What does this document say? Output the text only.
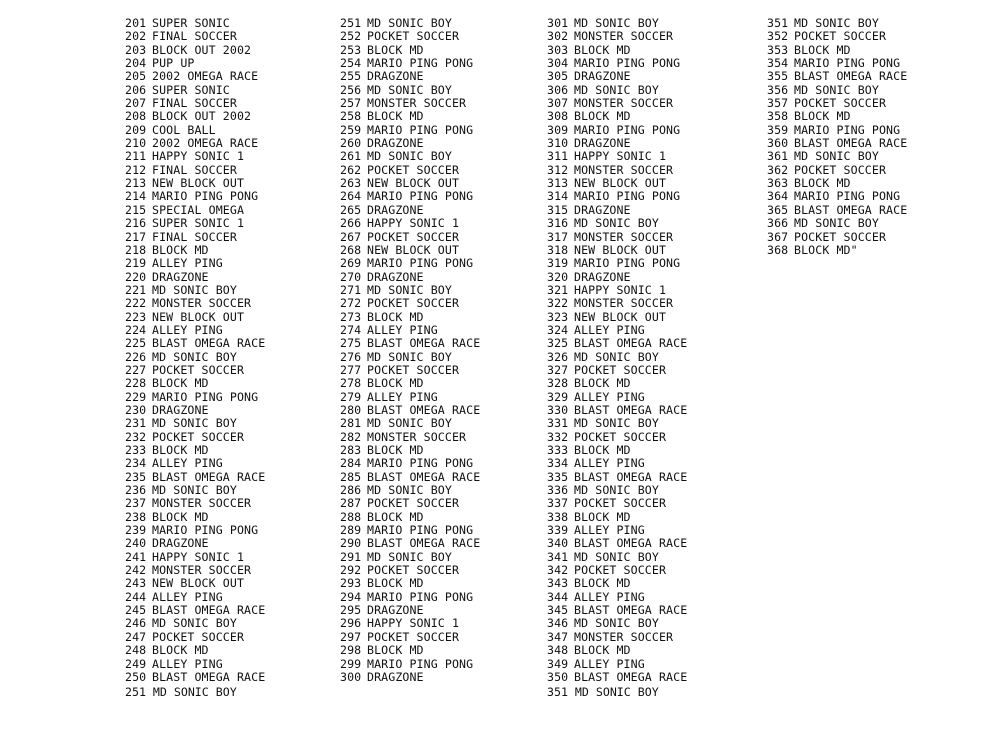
201 SUPER SONIC
202 FINAL SOCCER
203 BLOCK OUT 2002
204 PUP UP
205 2002 OMEGA RACE
206 SUPER SONIC
207 FINAL SOCCER
208 BLOCK OUT 2002
209 COOL BALL
210 2002 OMEGA RACE
211 HAPPY SONIC 1
212 FINAL SOCCER
213 NEW BLOCK OUT
214 MARIO PING PONG
215 SPECIAL OMEGA
216 SUPER SONIC 1
217 FINAL SOCCER
218 BLOCK MD
219 ALLEY PING
220 DRAGZONE
221 MD SONIC BOY
222 MONSTER SOCCER
223 NEW BLOCK OUT
224 ALLEY PING
225 BLAST OMEGA RACE
226 MD SONIC BOY
227 POCKET SOCCER
228 BLOCK MD
229 MARIO PING PONG
230 DRAGZONE
231 MD SONIC BOY
232 POCKET SOCCER
233 BLOCK MD
234 ALLEY PING
235 BLAST OMEGA RACE
236 MD SONIC BOY
237 MONSTER SOCCER
238 BLOCK MD
239 MARIO PING PONG
240 DRAGZONE
241 HAPPY SONIC 1
242 MONSTER SOCCER
243 NEW BLOCK OUT
244 ALLEY PING
245 BLAST OMEGA RACE
246 MD SONIC BOY
247 POCKET SOCCER
248 BLOCK MD
249 ALLEY PING
250 BLAST OMEGA RACE
251 MD SONIC BOY
252 POCKET SOCCER
253 BLOCK MD
254 MARIO PING PONG
255 DRAGZONE
256 MD SONIC BOY
257 MONSTER SOCCER
258 BLOCK MD
259 MARIO PING PONG
260 DRAGZONE
261 MD SONIC BOY
262 POCKET SOCCER
263 NEW BLOCK OUT
264 MARIO PING PONG
265 DRAGZONE
266 HAPPY SONIC 1
267 POCKET SOCCER
268 NEW BLOCK OUT
269 MARIO PING PONG
270 DRAGZONE
271 MD SONIC BOY
272 POCKET SOCCER
273 BLOCK MD
274 ALLEY PING
275 BLAST OMEGA RACE
276 MD SONIC BOY
277 POCKET SOCCER
278 BLOCK MD
279 ALLEY PING
280 BLAST OMEGA RACE
281 MD SONIC BOY
282 MONSTER SOCCER
283 BLOCK MD
284 MARIO PING PONG
285 BLAST OMEGA RACE
286 MD SONIC BOY
287 POCKET SOCCER
288 BLOCK MD
289 MARIO PING PONG
290 BLAST OMEGA RACE
291 MD SONIC BOY
292 POCKET SOCCER
293 BLOCK MD
294 MARIO PING PONG
295 DRAGZONE
296 HAPPY SONIC 1
297 POCKET SOCCER
298 BLOCK MD
299 MARIO PING PONG
300 DRAGZONE
301 MD SONIC BOY
302 MONSTER SOCCER
303 BLOCK MD
304 MARIO PING PONG
305 DRAGZONE
306 MD SONIC BOY
307 MONSTER SOCCER
308 BLOCK MD
309 MARIO PING PONG
310 DRAGZONE
311 HAPPY SONIC 1
312 MONSTER SOCCER
313 NEW BLOCK OUT
314 MARIO PING PONG
315 DRAGZONE
316 MD SONIC BOY
317 MONSTER SOCCER
318 NEW BLOCK OUT
319 MARIO PING PONG
320 DRAGZONE
321 HAPPY SONIC 1
322 MONSTER SOCCER
323 NEW BLOCK OUT
324 ALLEY PING
325 BLAST OMEGA RACE
326 MD SONIC BOY
327 POCKET SOCCER
328 BLOCK MD
329 ALLEY PING
330 BLAST OMEGA RACE
331 MD SONIC BOY
332 POCKET SOCCER
333 BLOCK MD
334 ALLEY PING
335 BLAST OMEGA RACE
336 MD SONIC BOY
337 POCKET SOCCER
338 BLOCK MD
339 ALLEY PING
340 BLAST OMEGA RACE
341 MD SONIC BOY
342 POCKET SOCCER
343 BLOCK MD
344 ALLEY PING
345 BLAST OMEGA RACE
346 MD SONIC BOY
347 MONSTER SOCCER
348 BLOCK MD
349 ALLEY PING
350 BLAST OMEGA RACE
351 MD SONIC BOY
352 POCKET SOCCER
353 BLOCK MD
354 MARIO PING PONG
355 BLAST OMEGA RACE
356 MD SONIC BOY
357 POCKET SOCCER
358 BLOCK MD
359 MARIO PING PONG
360 BLAST OMEGA RACE
361 MD SONIC BOY
362 POCKET SOCCER
363 BLOCK MD
364 MARIO PING PONG
365 BLAST OMEGA RACE
366 MD SONIC BOY
367 POCKET SOCCER
368 BLOCK MD"
251 MD SONIC BOY	351 MD SONIC BOY
